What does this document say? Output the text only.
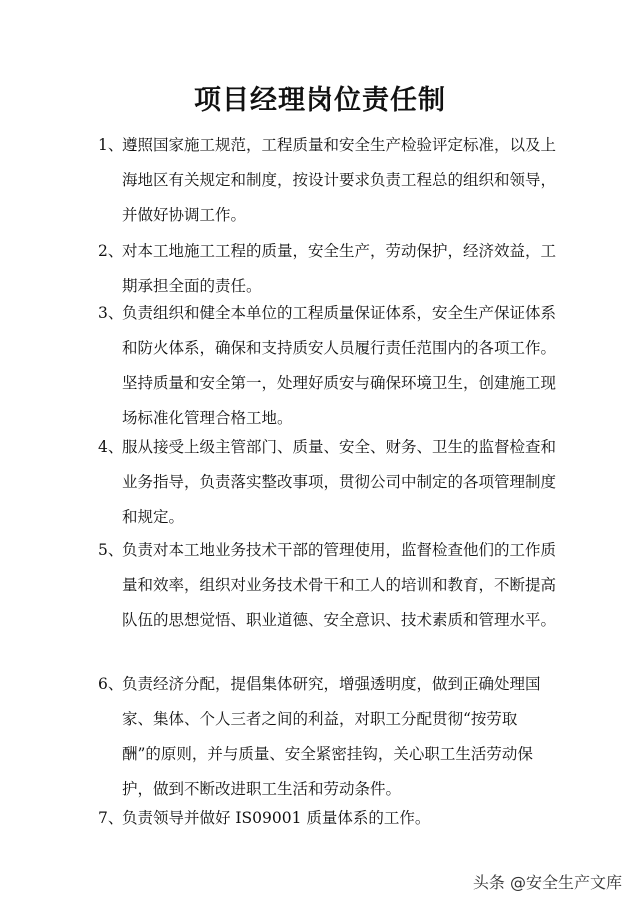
项目经理岗位责任制
1、
遵照国家施工规范，工程质量和安全生产检验评定标准，以及上海地区有关规定和制度，按设计要求负责工程总的组织和领导，并做好协调工作。
2、
对本工地施工工程的质量，安全生产，劳动保护，经济效益，工期承担全面的责任。
3、
负责组织和健全本单位的工程质量保证体系，安全生产保证体系和防火体系，确保和支持质安人员履行责任范围内的各项工作。坚持质量和安全第一，处理好质安与确保环境卫生，创建施工现场标准化管理合格工地。
4、
服从接受上级主管部门、质量、安全、财务、卫生的监督检查和业务指导，负责落实整改事项，贯彻公司中制定的各项管理制度和规定。
5、
负责对本工地业务技术干部的管理使用，监督检查他们的工作质量和效率，组织对业务技术骨干和工人的培训和教育，不断提高队伍的思想觉悟、职业道德、安全意识、技术素质和管理水平。
6、
负责经济分配，提倡集体研究，增强透明度，做到正确处理国家、集体、个人三者之间的利益，对职工分配贯彻“按劳取酬”的原则，并与质量、安全紧密挂钩，关心职工生活劳动保护，做到不断改进职工生活和劳动条件。
7、
负责领导并做好 IS09001 质量体系的工作。
头条 @安全生产文库
